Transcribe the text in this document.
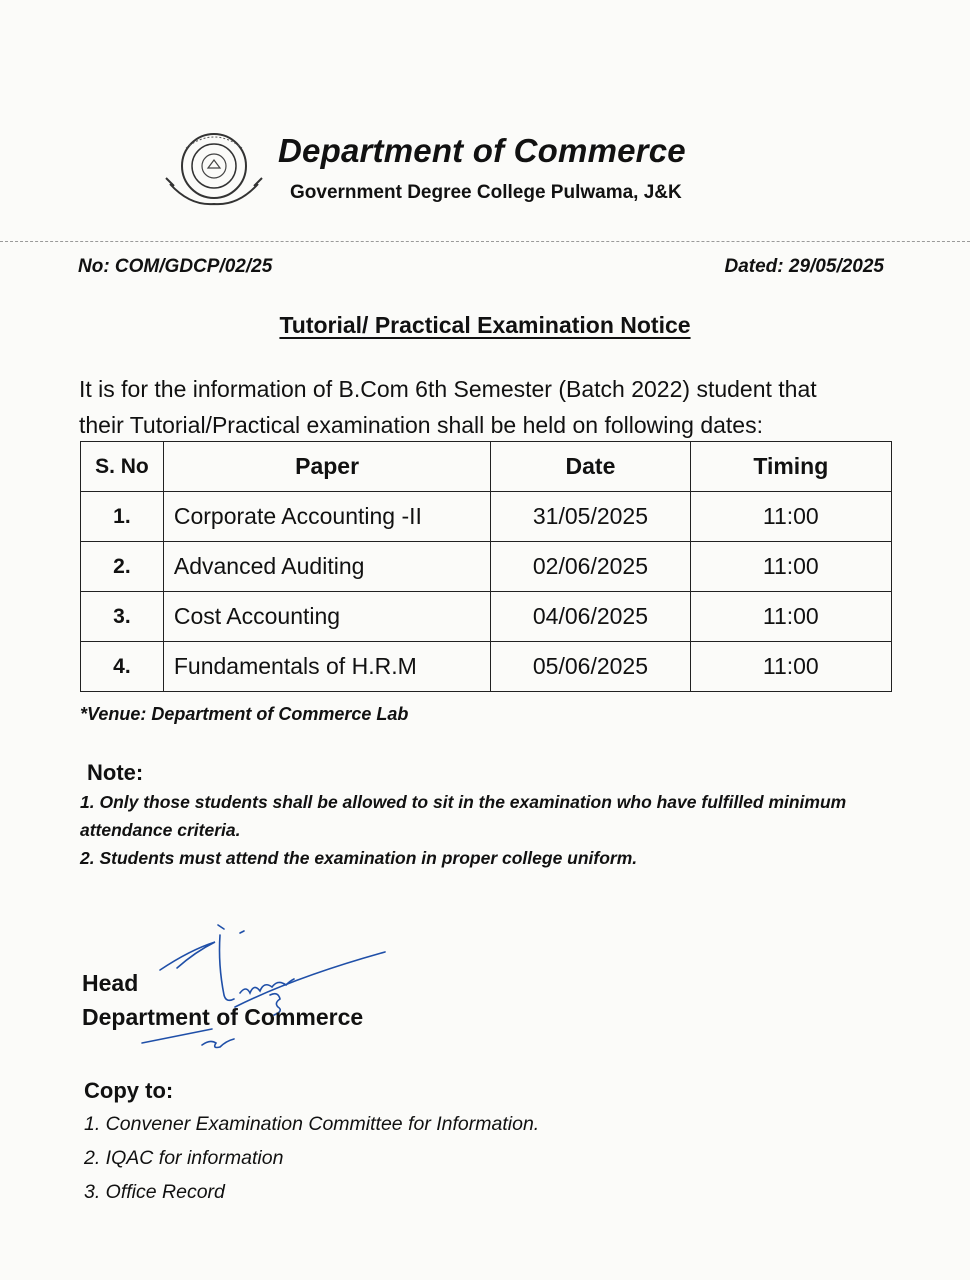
Department of Commerce
Government Degree College Pulwama, J&K
No: COM/GDCP/02/25	Dated: 29/05/2025
Tutorial/ Practical Examination Notice
It is for the information of B.Com 6th Semester (Batch 2022) student that
their Tutorial/Practical examination shall be held on following dates:
S. No	Paper	Date	Timing
1.	Corporate Accounting -II	31/05/2025	11:00
2.	Advanced Auditing	02/06/2025	11:00
3.	Cost Accounting	04/06/2025	11:00
4.	Fundamentals of H.R.M	05/06/2025	11:00
*Venue: Department of Commerce Lab
Note:
1. Only those students shall be allowed to sit in the examination who have fulfilled minimum
attendance criteria.
2. Students must attend the examination in proper college uniform.
Head
Department of Commerce
Copy to:
1. Convener Examination Committee for Information.
2. IQAC for information
3. Office Record
